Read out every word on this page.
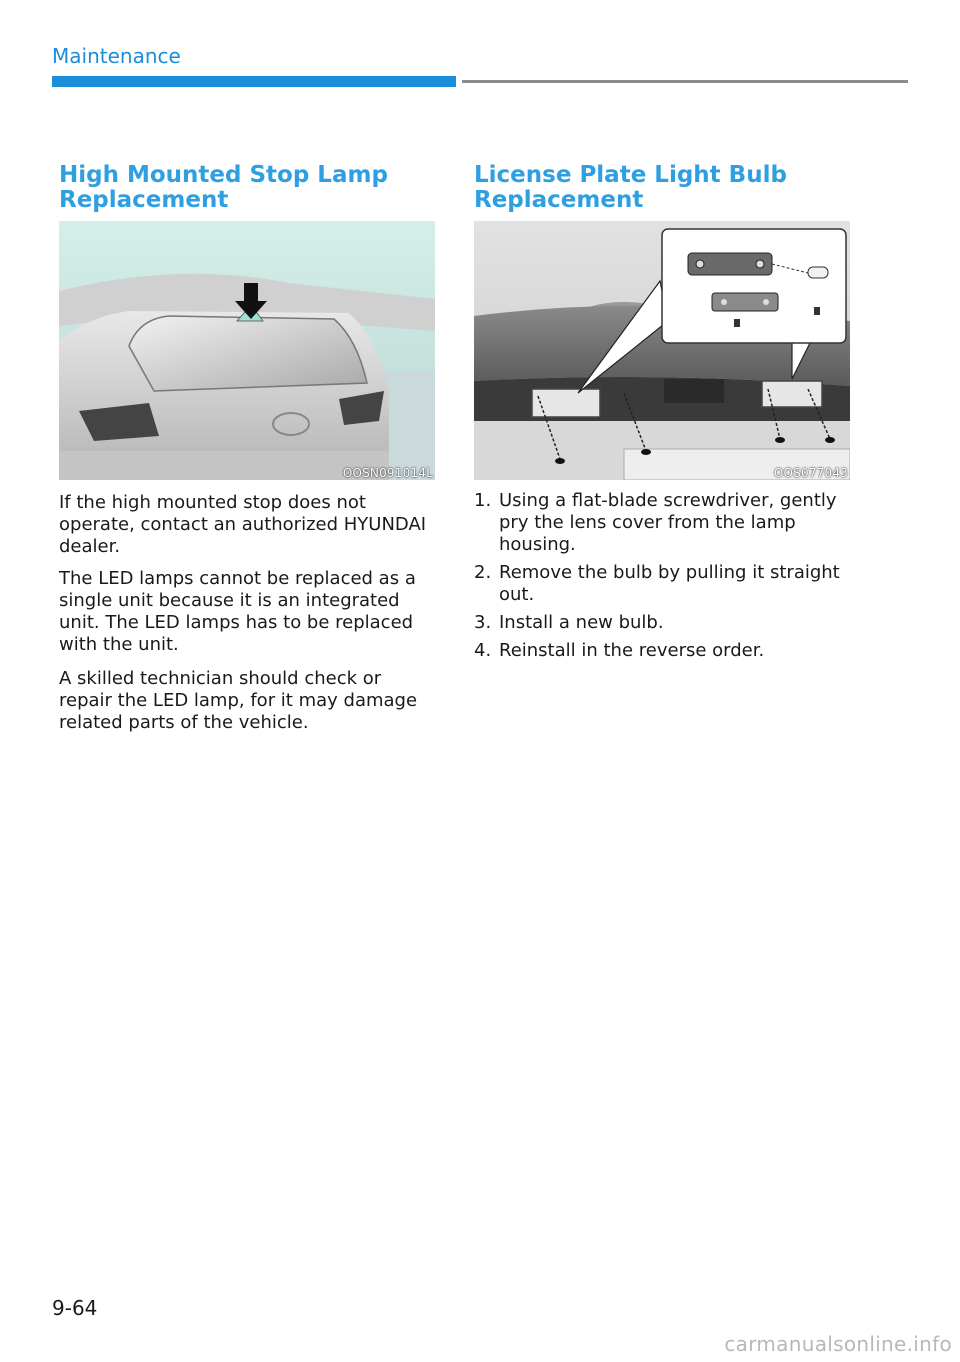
Maintenance
High Mounted Stop Lamp
Replacement
OOSN091014L

If the high mounted stop does not operate, contact an authorized HYUNDAI dealer.

The LED lamps cannot be replaced as a single unit because it is an integrated unit. The LED lamps has to be replaced with the unit.

A skilled technician should check or repair the LED lamp, for it may damage related parts of the vehicle.

License Plate Light Bulb
Replacement
OOS077043
1. Using a flat-blade screwdriver, gently pry the lens cover from the lamp housing.
2. Remove the bulb by pulling it straight out.
3. Install a new bulb.
4. Reinstall in the reverse order.
9-64
carmanualsonline.info
